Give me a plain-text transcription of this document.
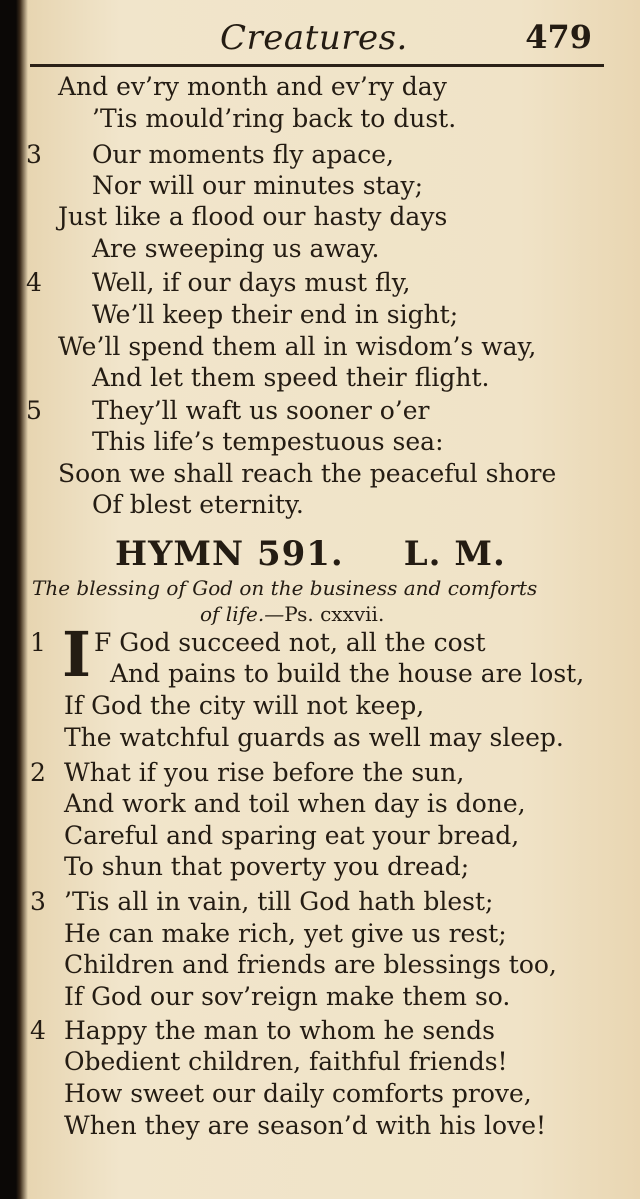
Creatures.	479
And ev’ry month and ev’ry day
’Tis mould’ring back to dust.
3 Our moments fly apace,
Nor will our minutes stay;
Just like a flood our hasty days
Are sweeping us away.
4 Well, if our days must fly,
We’ll keep their end in sight;
We’ll spend them all in wisdom’s way,
And let them speed their flight.
5 They’ll waft us sooner o’er
This life’s tempestuous sea:
Soon we shall reach the peaceful shore
Of blest eternity.
HYMN 591. L. M.
The blessing of God on the business and comforts
of life.—Ps. cxxvii.
1 I F God succeed not, all the cost
And pains to build the house are lost,
If God the city will not keep,
The watchful guards as well may sleep.
2 What if you rise before the sun,
And work and toil when day is done,
Careful and sparing eat your bread,
To shun that poverty you dread;
3 ’Tis all in vain, till God hath blest;
He can make rich, yet give us rest;
Children and friends are blessings too,
If God our sov’reign make them so.
4 Happy the man to whom he sends
Obedient children, faithful friends!
How sweet our daily comforts prove,
When they are season’d with his love!
